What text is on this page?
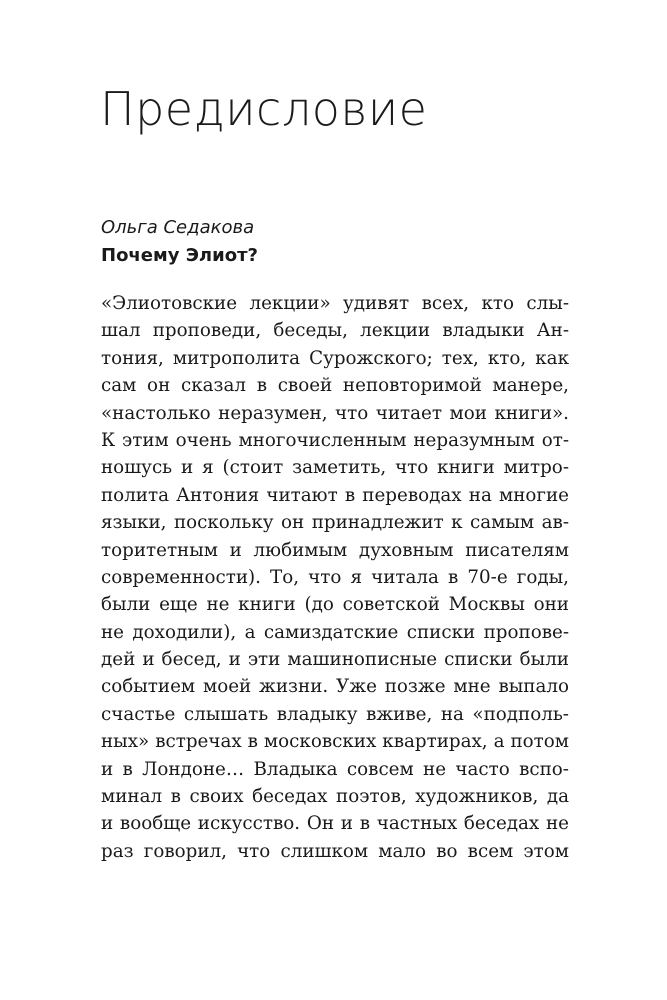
Предисловие

Ольга Седакова

Почему Элиот?

«Элиотовские лекции» удивят всех, кто слы-
шал проповеди, беседы, лекции владыки Ан-
тония, митрополита Сурожского; тех, кто, как
сам он сказал в своей неповторимой манере,
«настолько неразумен, что читает мои книги».
К этим очень многочисленным неразумным от-
ношусь и я (стоит заметить, что книги митро-
полита Антония читают в переводах на многие
языки, поскольку он принадлежит к самым ав-
торитетным и любимым духовным писателям
современности). То, что я читала в 70-е годы,
были еще не книги (до советской Москвы они
не доходили), а самиздатские списки пропове-
дей и бесед, и эти машинописные списки были
событием моей жизни. Уже позже мне выпало
счастье слышать владыку вживе, на «подполь-
ных» встречах в московских квартирах, а потом
и в Лондоне… Владыка совсем не часто вспо-
минал в своих беседах поэтов, художников, да
и вообще искусство. Он и в частных беседах не
раз говорил, что слишком мало во всем этом
